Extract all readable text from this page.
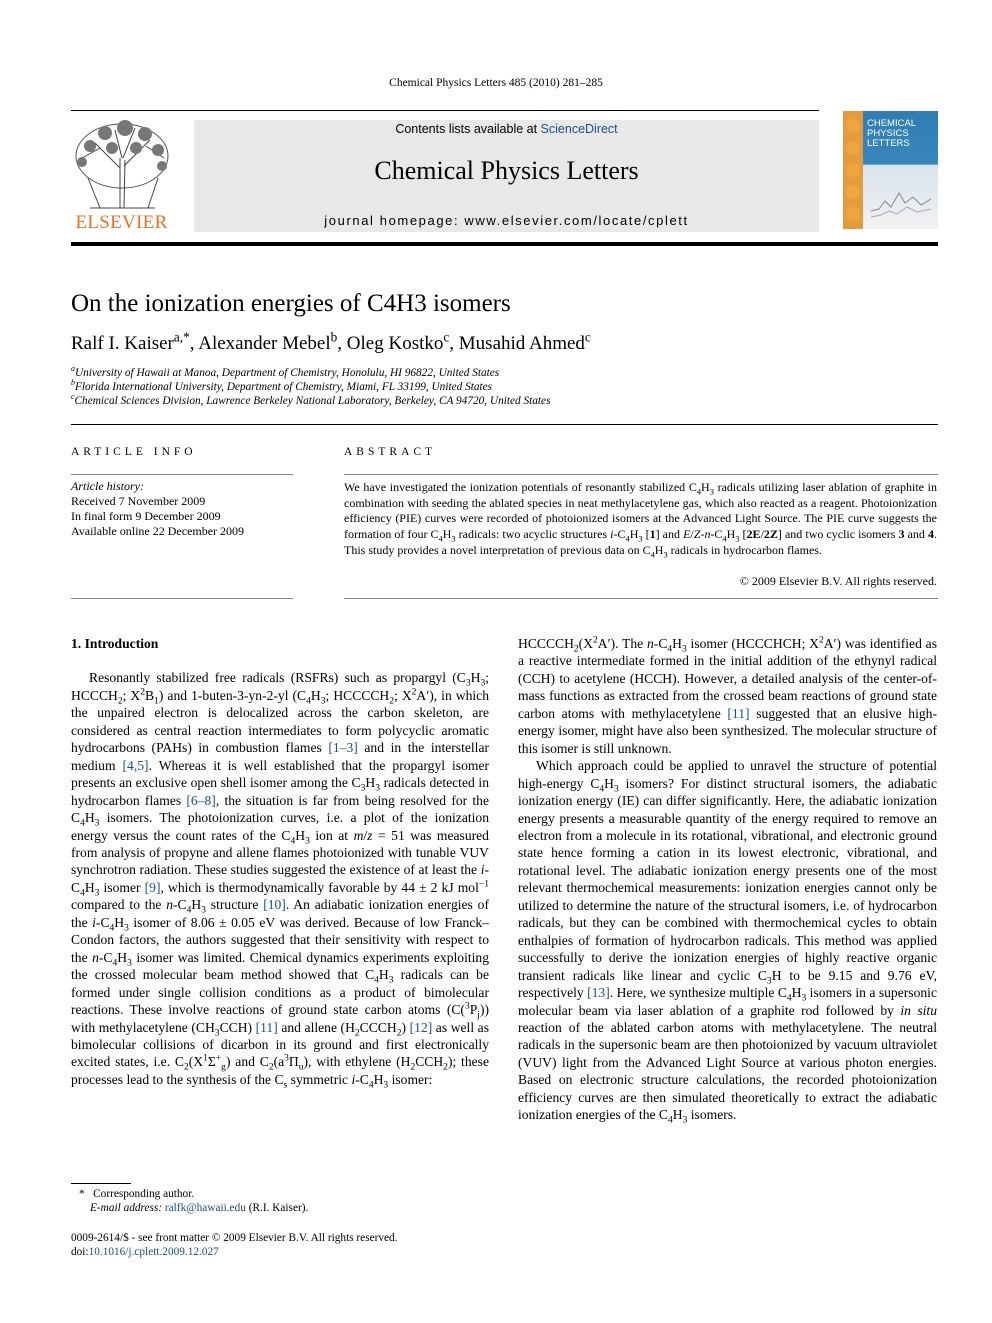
Chemical Physics Letters 485 (2010) 281–285
ELSEVIER
Contents lists available at ScienceDirect
Chemical Physics Letters
journal homepage: www.elsevier.com/locate/cplett
CHEMICAL
PHYSICS
LETTERS
On the ionization energies of C4H3 isomers
Ralf I. Kaiser$^{a,*}$, Alexander Mebel$^b$, Oleg Kostko$^c$, Musahid Ahmed$^c$
$^a$University of Hawaii at Manoa, Department of Chemistry, Honolulu, HI 96822, United States
$^b$Florida International University, Department of Chemistry, Miami, FL 33199, United States
$^c$Chemical Sciences Division, Lawrence Berkeley National Laboratory, Berkeley, CA 94720, United States
ARTICLE INFO
Article history:
Received 7 November 2009
In final form 9 December 2009
Available online 22 December 2009
ABSTRACT
We have investigated the ionization potentials of resonantly stabilized $C_4H_3$ radicals utilizing laser ablation of graphite in combination with seeding the ablated species in neat methylacetylene gas, which also reacted as a reagent. Photoionization efficiency (PIE) curves were recorded of photoionized isomers at the Advanced Light Source. The PIE curve suggests the formation of four $C_4H_3$ radicals: two acyclic structures $i-C_4H_3$ [1] and $E/Z-n-C_4H_3$ [2E/2Z] and two cyclic isomers 3 and 4. This study provides a novel interpretation of previous data on $C_4H_3$ radicals in hydrocarbon flames.
© 2009 Elsevier B.V. All rights reserved.
1. Introduction

Resonantly stabilized free radicals (RSFRs) such as propargyl ($C_3H_3$; $HCCCH_2$; $X^2B_1$) and 1-buten-3-yn-2-yl ($C_4H_3$; $HCCCCH_2$; $X^2A'$), in which the unpaired electron is delocalized across the carbon skeleton, are considered as central reaction intermediates to form polycyclic aromatic hydrocarbons (PAHs) in combustion flames [1–3] and in the interstellar medium [4,5]. Whereas it is well established that the propargyl isomer presents an exclusive open shell isomer among the $C_3H_3$ radicals detected in hydrocarbon flames [6–8], the situation is far from being resolved for the $C_4H_3$ isomers. The photoionization curves, i.e. a plot of the ionization energy versus the count rates of the $C_4H_3$ ion at m/z = 51 was measured from analysis of propyne and allene flames photoionized with tunable VUV synchrotron radiation. These studies suggested the existence of at least the $i-C_4H_3$ isomer [9], which is thermodynamically favorable by 44 ± 2 kJ mol$^{-1}$ compared to the $n-C_4H_3$ structure [10]. An adiabatic ionization energies of the $i-C_4H_3$ isomer of 8.06 ± 0.05 eV was derived. Because of low Franck–Condon factors, the authors suggested that their sensitivity with respect to the $n-C_4H_3$ isomer was limited. Chemical dynamics experiments exploiting the crossed molecular beam method showed that $C_4H_3$ radicals can be formed under single collision conditions as a product of bimolecular reactions. These involve reactions of ground state carbon atoms $(C(^3P_j))$ with methylacetylene $(CH_3CCH)$ [11] and allene $(H_2CCCH_2)$ [12] as well as bimolecular collisions of dicarbon in its ground and first electronically excited states, i.e. $C_2(X^1\Sigma^+_g)$ and $C_2(a^3\Pi_u)$, with ethylene $(H_2CCH_2)$; these processes lead to the synthesis of the $C_s$ symmetric $i-C_4H_3$ isomer:

$HCCCCH_2(X^2A')$. The $n-C_4H_3$ isomer (HCCCHCH; $X^2A'$) was identified as a reactive intermediate formed in the initial addition of the ethynyl radical (CCH) to acetylene (HCCH). However, a detailed analysis of the center-of-mass functions as extracted from the crossed beam reactions of ground state carbon atoms with methylacetylene [11] suggested that an elusive high-energy isomer, might have also been synthesized. The molecular structure of this isomer is still unknown.

Which approach could be applied to unravel the structure of potential high-energy $C_4H_3$ isomers? For distinct structural isomers, the adiabatic ionization energy (IE) can differ significantly. Here, the adiabatic ionization energy presents a measurable quantity of the energy required to remove an electron from a molecule in its rotational, vibrational, and electronic ground state hence forming a cation in its lowest electronic, vibrational, and rotational level. The adiabatic ionization energy presents one of the most relevant thermochemical measurements: ionization energies cannot only be utilized to determine the nature of the structural isomers, i.e. of hydrocarbon radicals, but they can be combined with thermochemical cycles to obtain enthalpies of formation of hydrocarbon radicals. This method was applied successfully to derive the ionization energies of highly reactive organic transient radicals like linear and cyclic $C_3H$ to be 9.15 and 9.76 eV, respectively [13]. Here, we synthesize multiple $C_4H_3$ isomers in a supersonic molecular beam via laser ablation of a graphite rod followed by in situ reaction of the ablated carbon atoms with methylacetylene. The neutral radicals in the supersonic beam are then photoionized by vacuum ultraviolet (VUV) light from the Advanced Light Source at various photon energies. Based on electronic structure calculations, the recorded photoionization efficiency curves are then simulated theoretically to extract the adiabatic ionization energies of the $C_4H_3$ isomers.

* Corresponding author.
E-mail address: ralfk@hawaii.edu (R.I. Kaiser).
0009-2614/$ - see front matter © 2009 Elsevier B.V. All rights reserved.
doi:10.1016/j.cplett.2009.12.027
